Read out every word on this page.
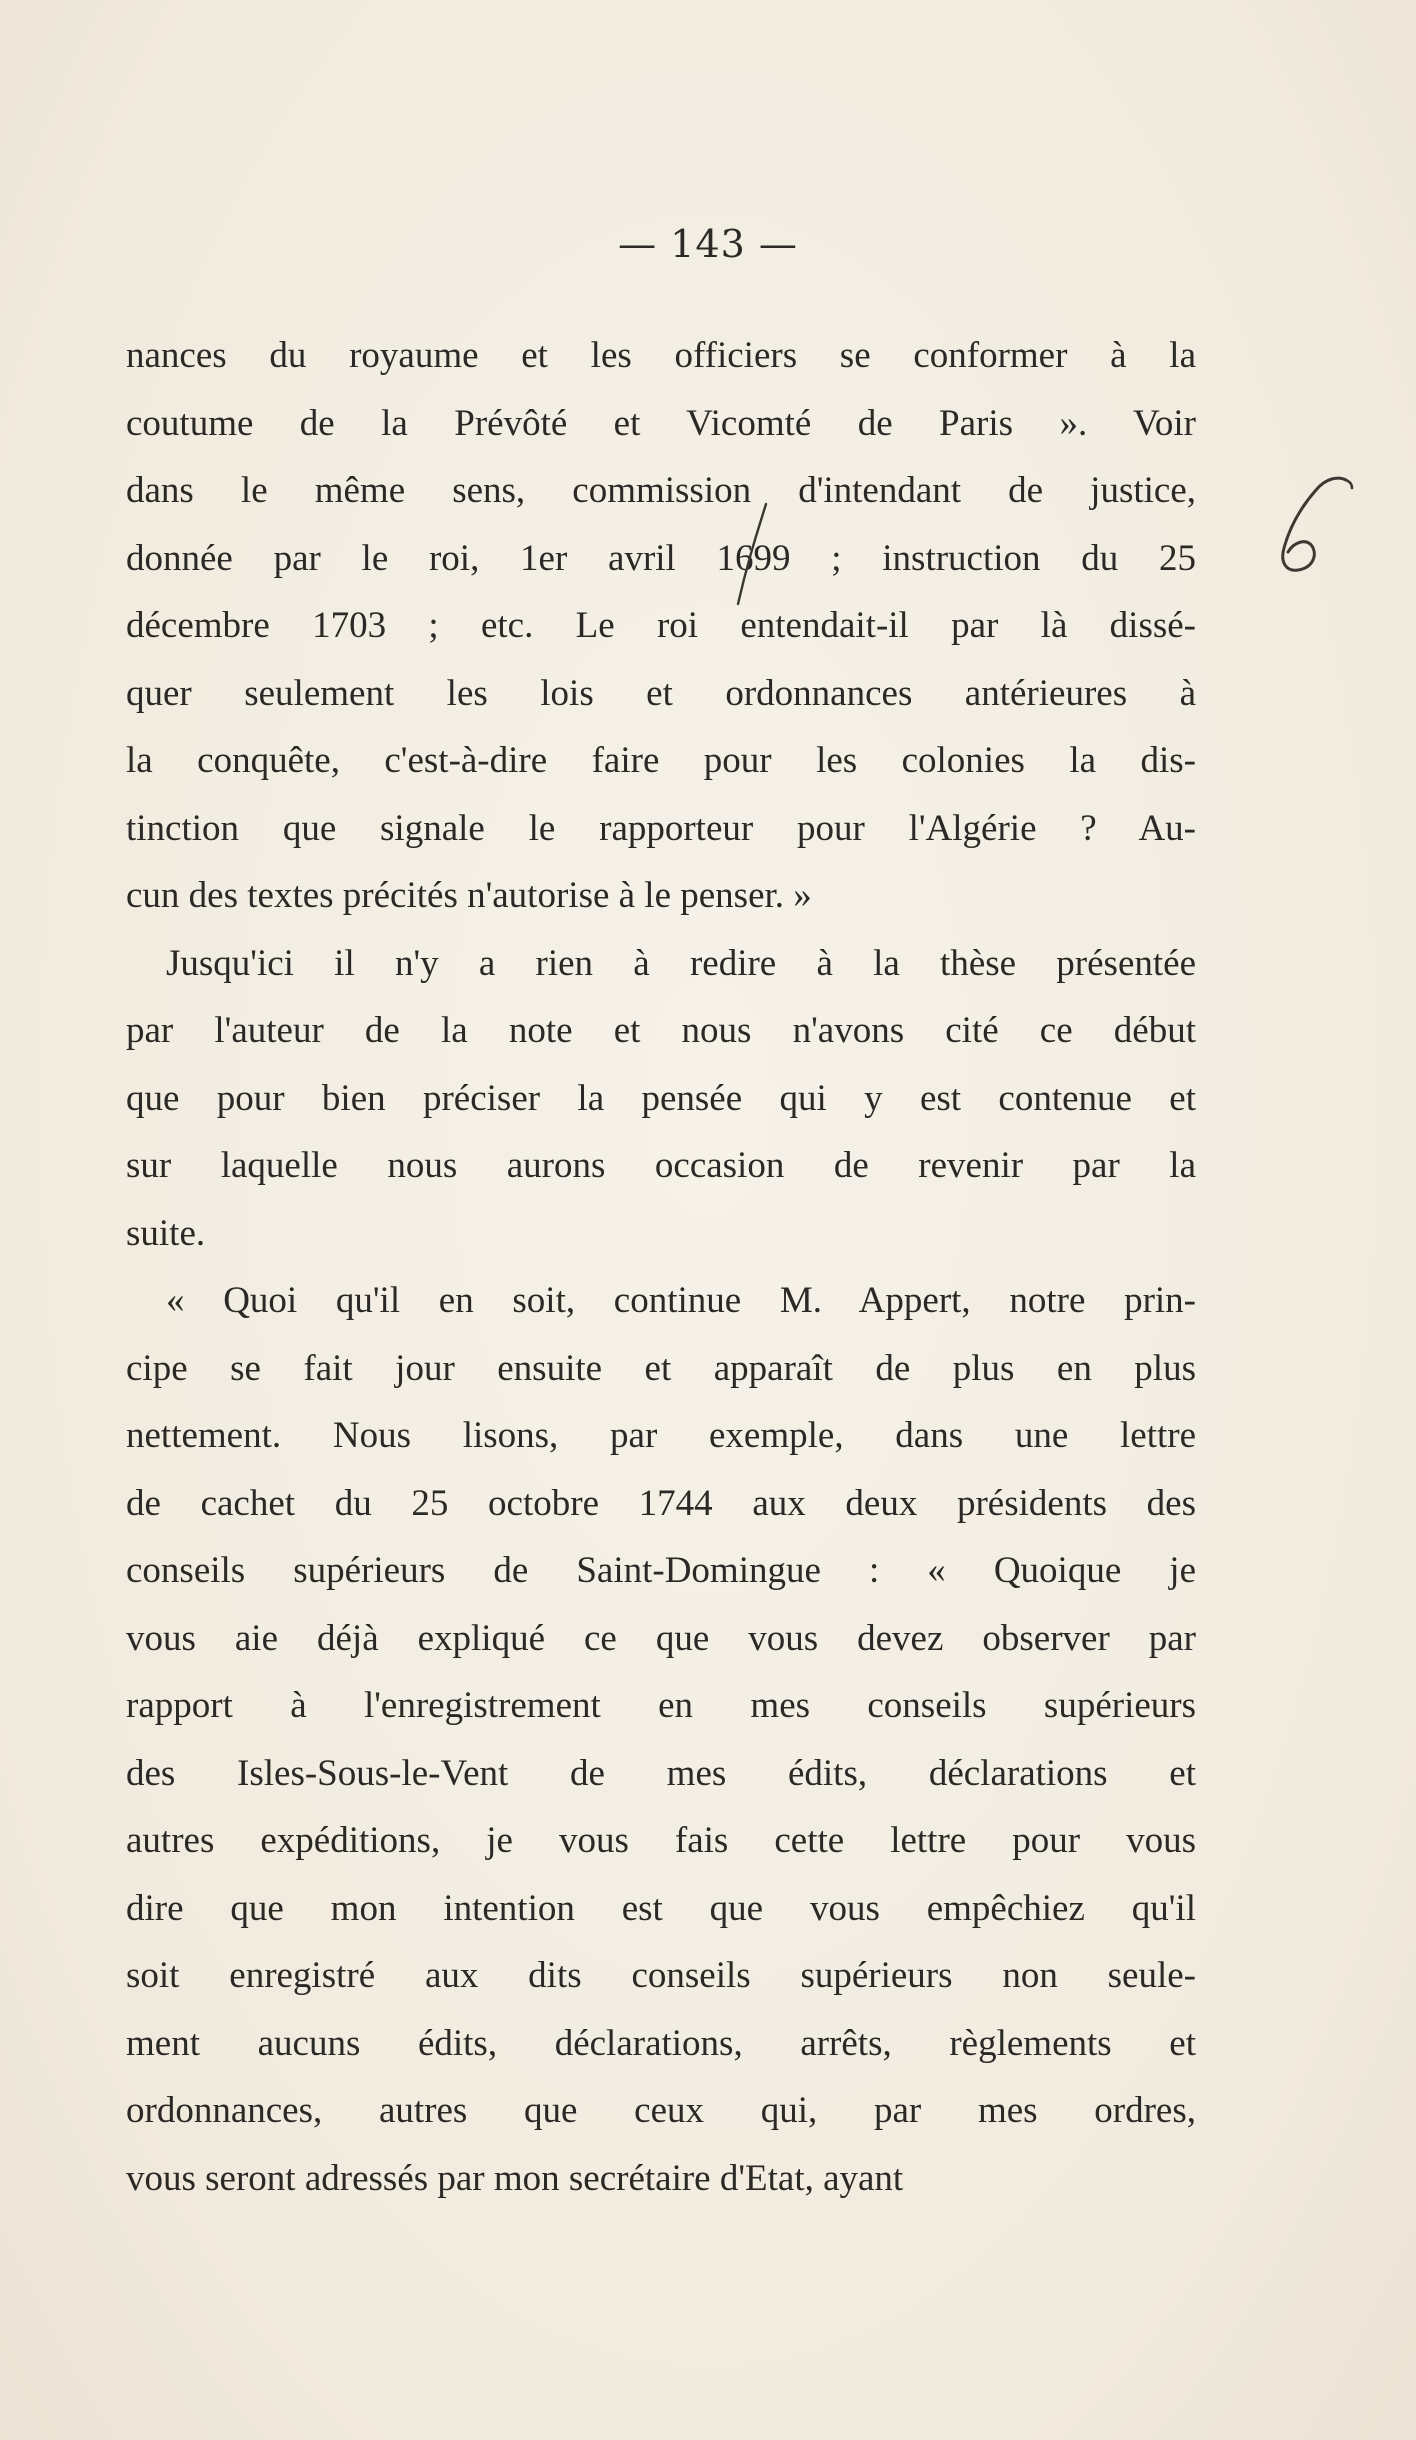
— 143 —
nances du royaume et les officiers se conformer à la
coutume de la Prévôté et Vicomté de Paris ». Voir
dans le même sens, commission d'intendant de justice,
donnée par le roi, 1er avril 1699 ; instruction du 25
décembre 1703 ; etc. Le roi entendait-il par là dissé-
quer seulement les lois et ordonnances antérieures à
la conquête, c'est-à-dire faire pour les colonies la dis-
tinction que signale le rapporteur pour l'Algérie ? Au-
cun des textes précités n'autorise à le penser. »
Jusqu'ici il n'y a rien à redire à la thèse présentée
par l'auteur de la note et nous n'avons cité ce début
que pour bien préciser la pensée qui y est contenue et
sur laquelle nous aurons occasion de revenir par la
suite.
« Quoi qu'il en soit, continue M. Appert, notre prin-
cipe se fait jour ensuite et apparaît de plus en plus
nettement. Nous lisons, par exemple, dans une lettre
de cachet du 25 octobre 1744 aux deux présidents des
conseils supérieurs de Saint-Domingue : « Quoique je
vous aie déjà expliqué ce que vous devez observer par
rapport à l'enregistrement en mes conseils supérieurs
des Isles-Sous-le-Vent de mes édits, déclarations et
autres expéditions, je vous fais cette lettre pour vous
dire que mon intention est que vous empêchiez qu'il
soit enregistré aux dits conseils supérieurs non seule-
ment aucuns édits, déclarations, arrêts, règlements et
ordonnances, autres que ceux qui, par mes ordres,
vous seront adressés par mon secrétaire d'Etat, ayant
